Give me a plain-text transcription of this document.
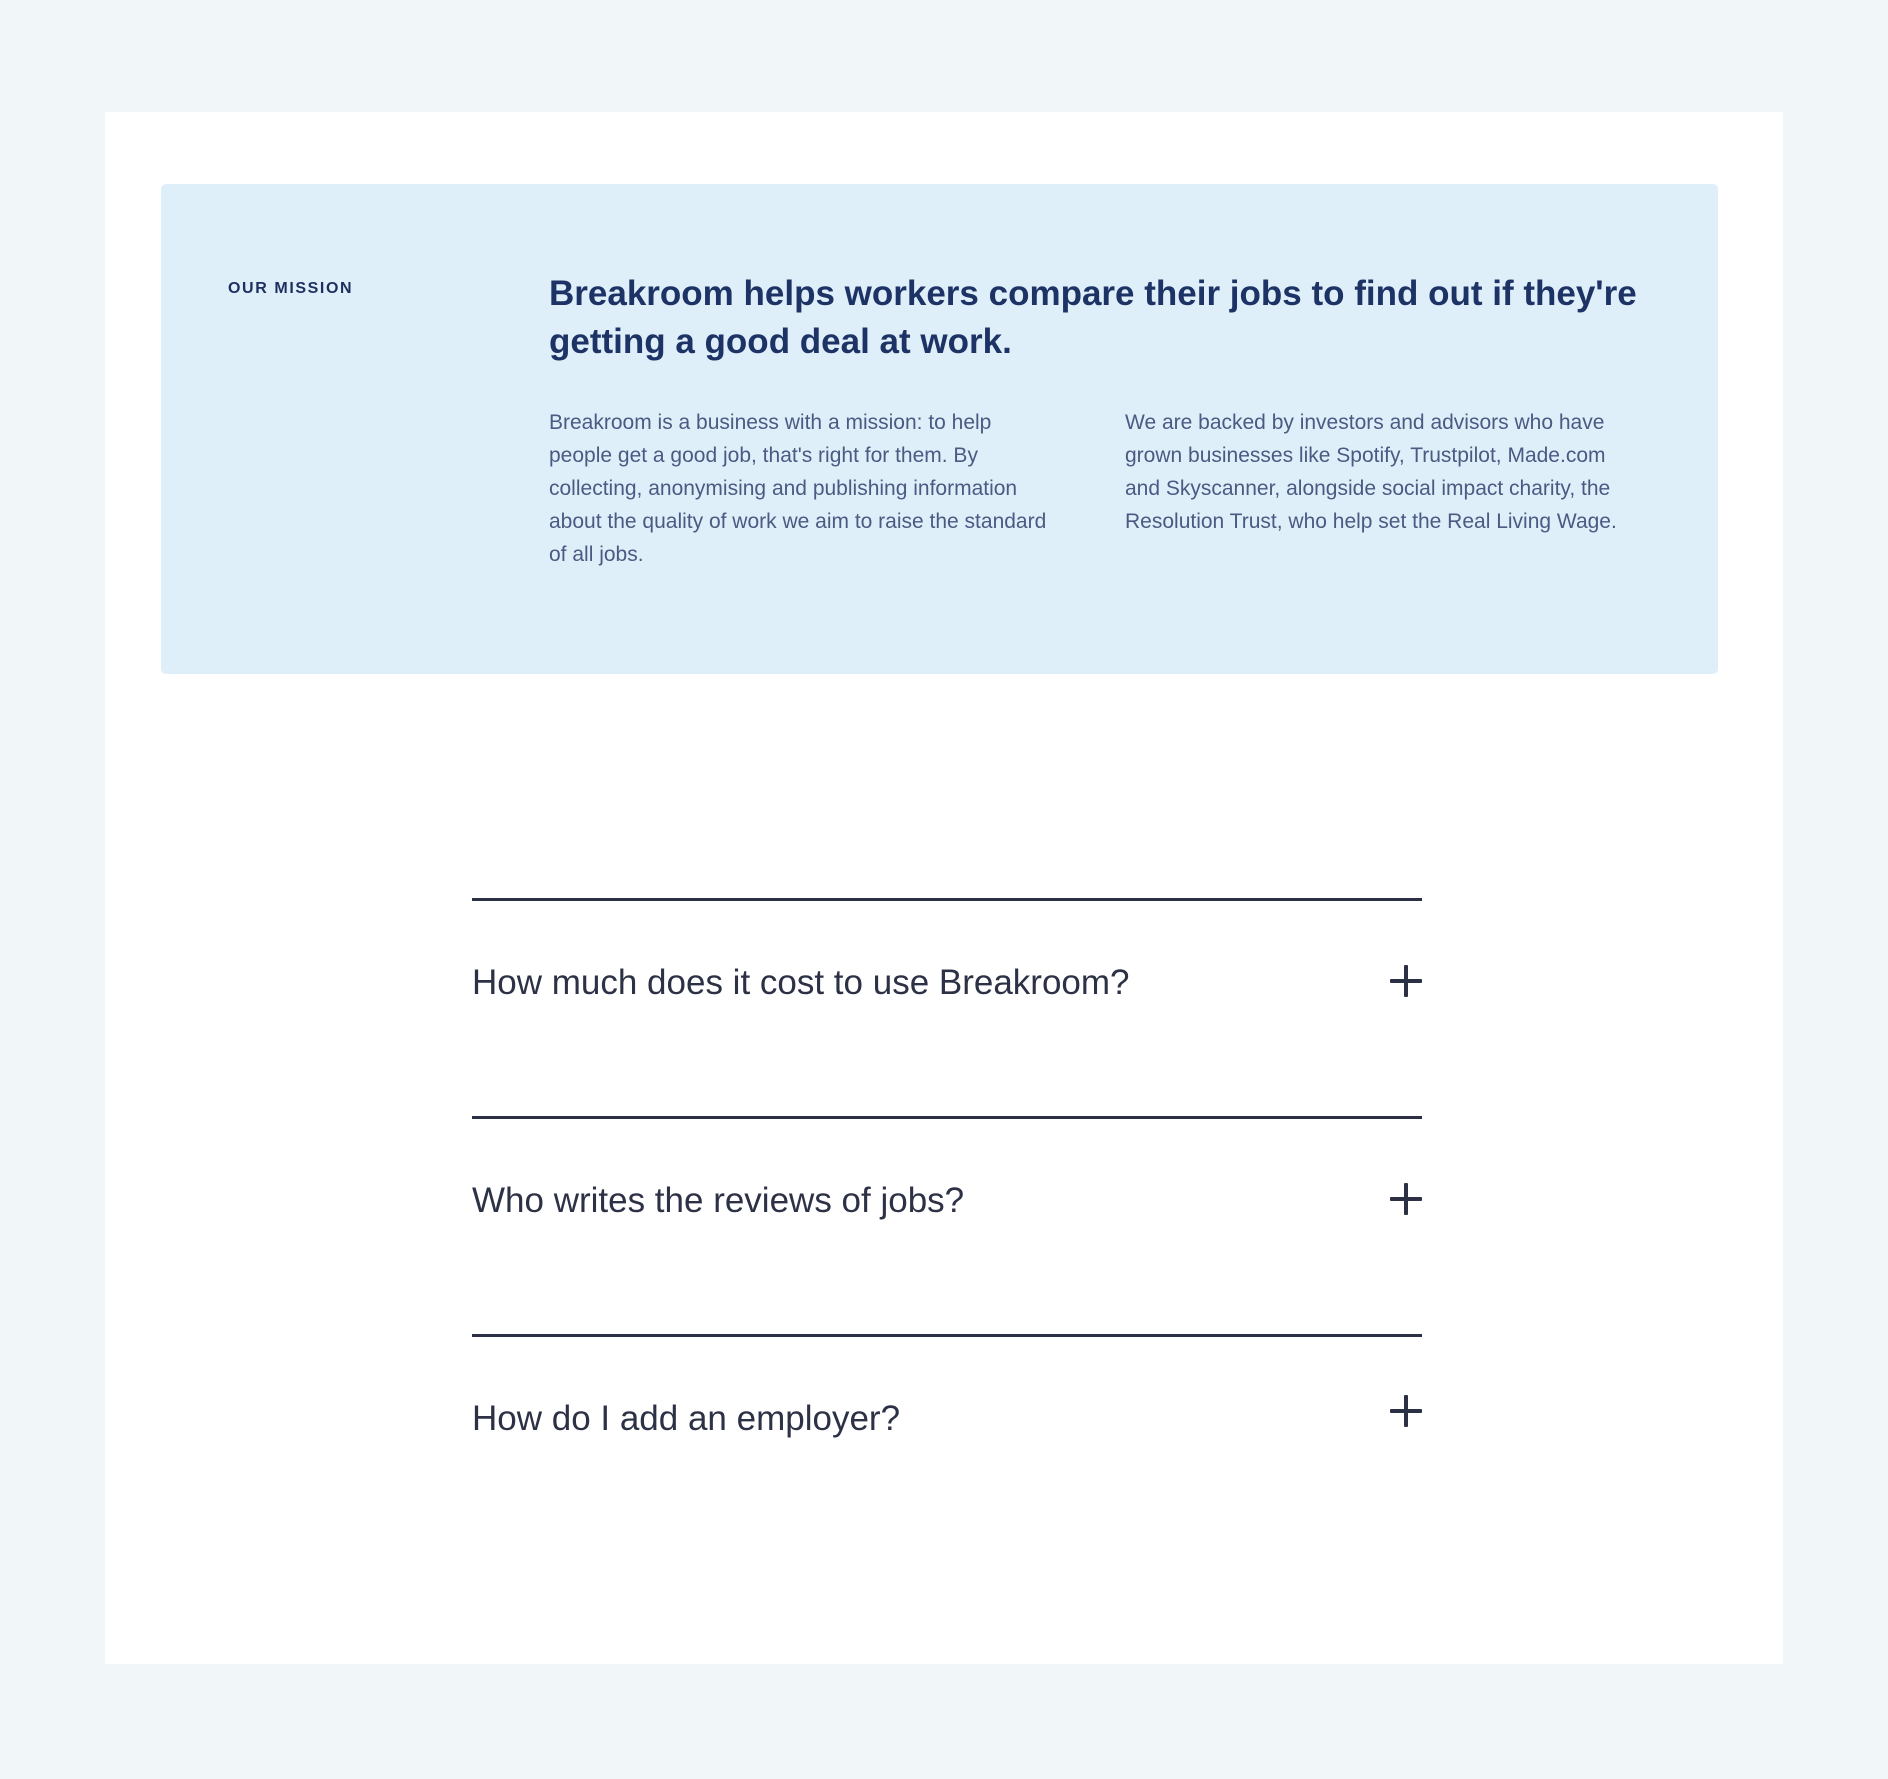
OUR MISSION	Breakroom helps workers compare their jobs to find out if they're getting a good deal at work.

Breakroom is a business with a mission: to help people get a good job, that's right for them. By collecting, anonymising and publishing information about the quality of work we aim to raise the standard of all jobs.

We are backed by investors and advisors who have grown businesses like Spotify, Trustpilot, Made.com and Skyscanner, alongside social impact charity, the Resolution Trust, who help set the Real Living Wage.

How much does it cost to use Breakroom?
Who writes the reviews of jobs?
How do I add an employer?
